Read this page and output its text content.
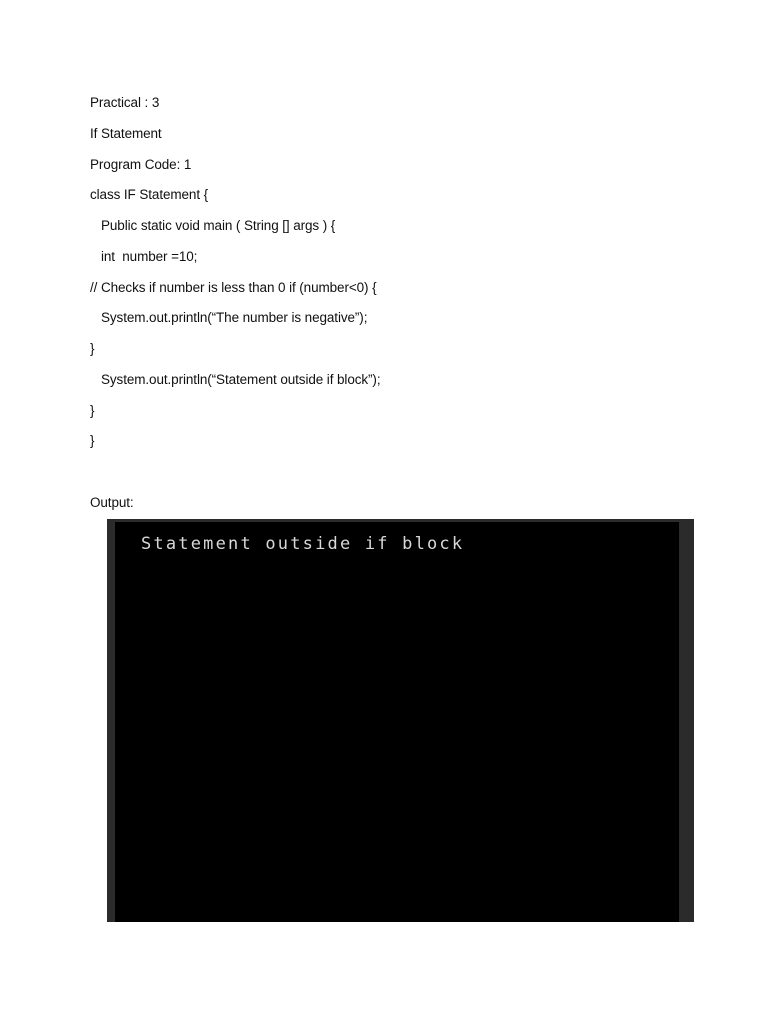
Practical : 3
If Statement
Program Code: 1
class IF Statement {
Public static void main ( String [] args ) {
int  number =10;
// Checks if number is less than 0 if (number<0) {
System.out.println(“The number is negative”);
}
System.out.println(“Statement outside if block”);
}
}
Output:
Statement outside if block
